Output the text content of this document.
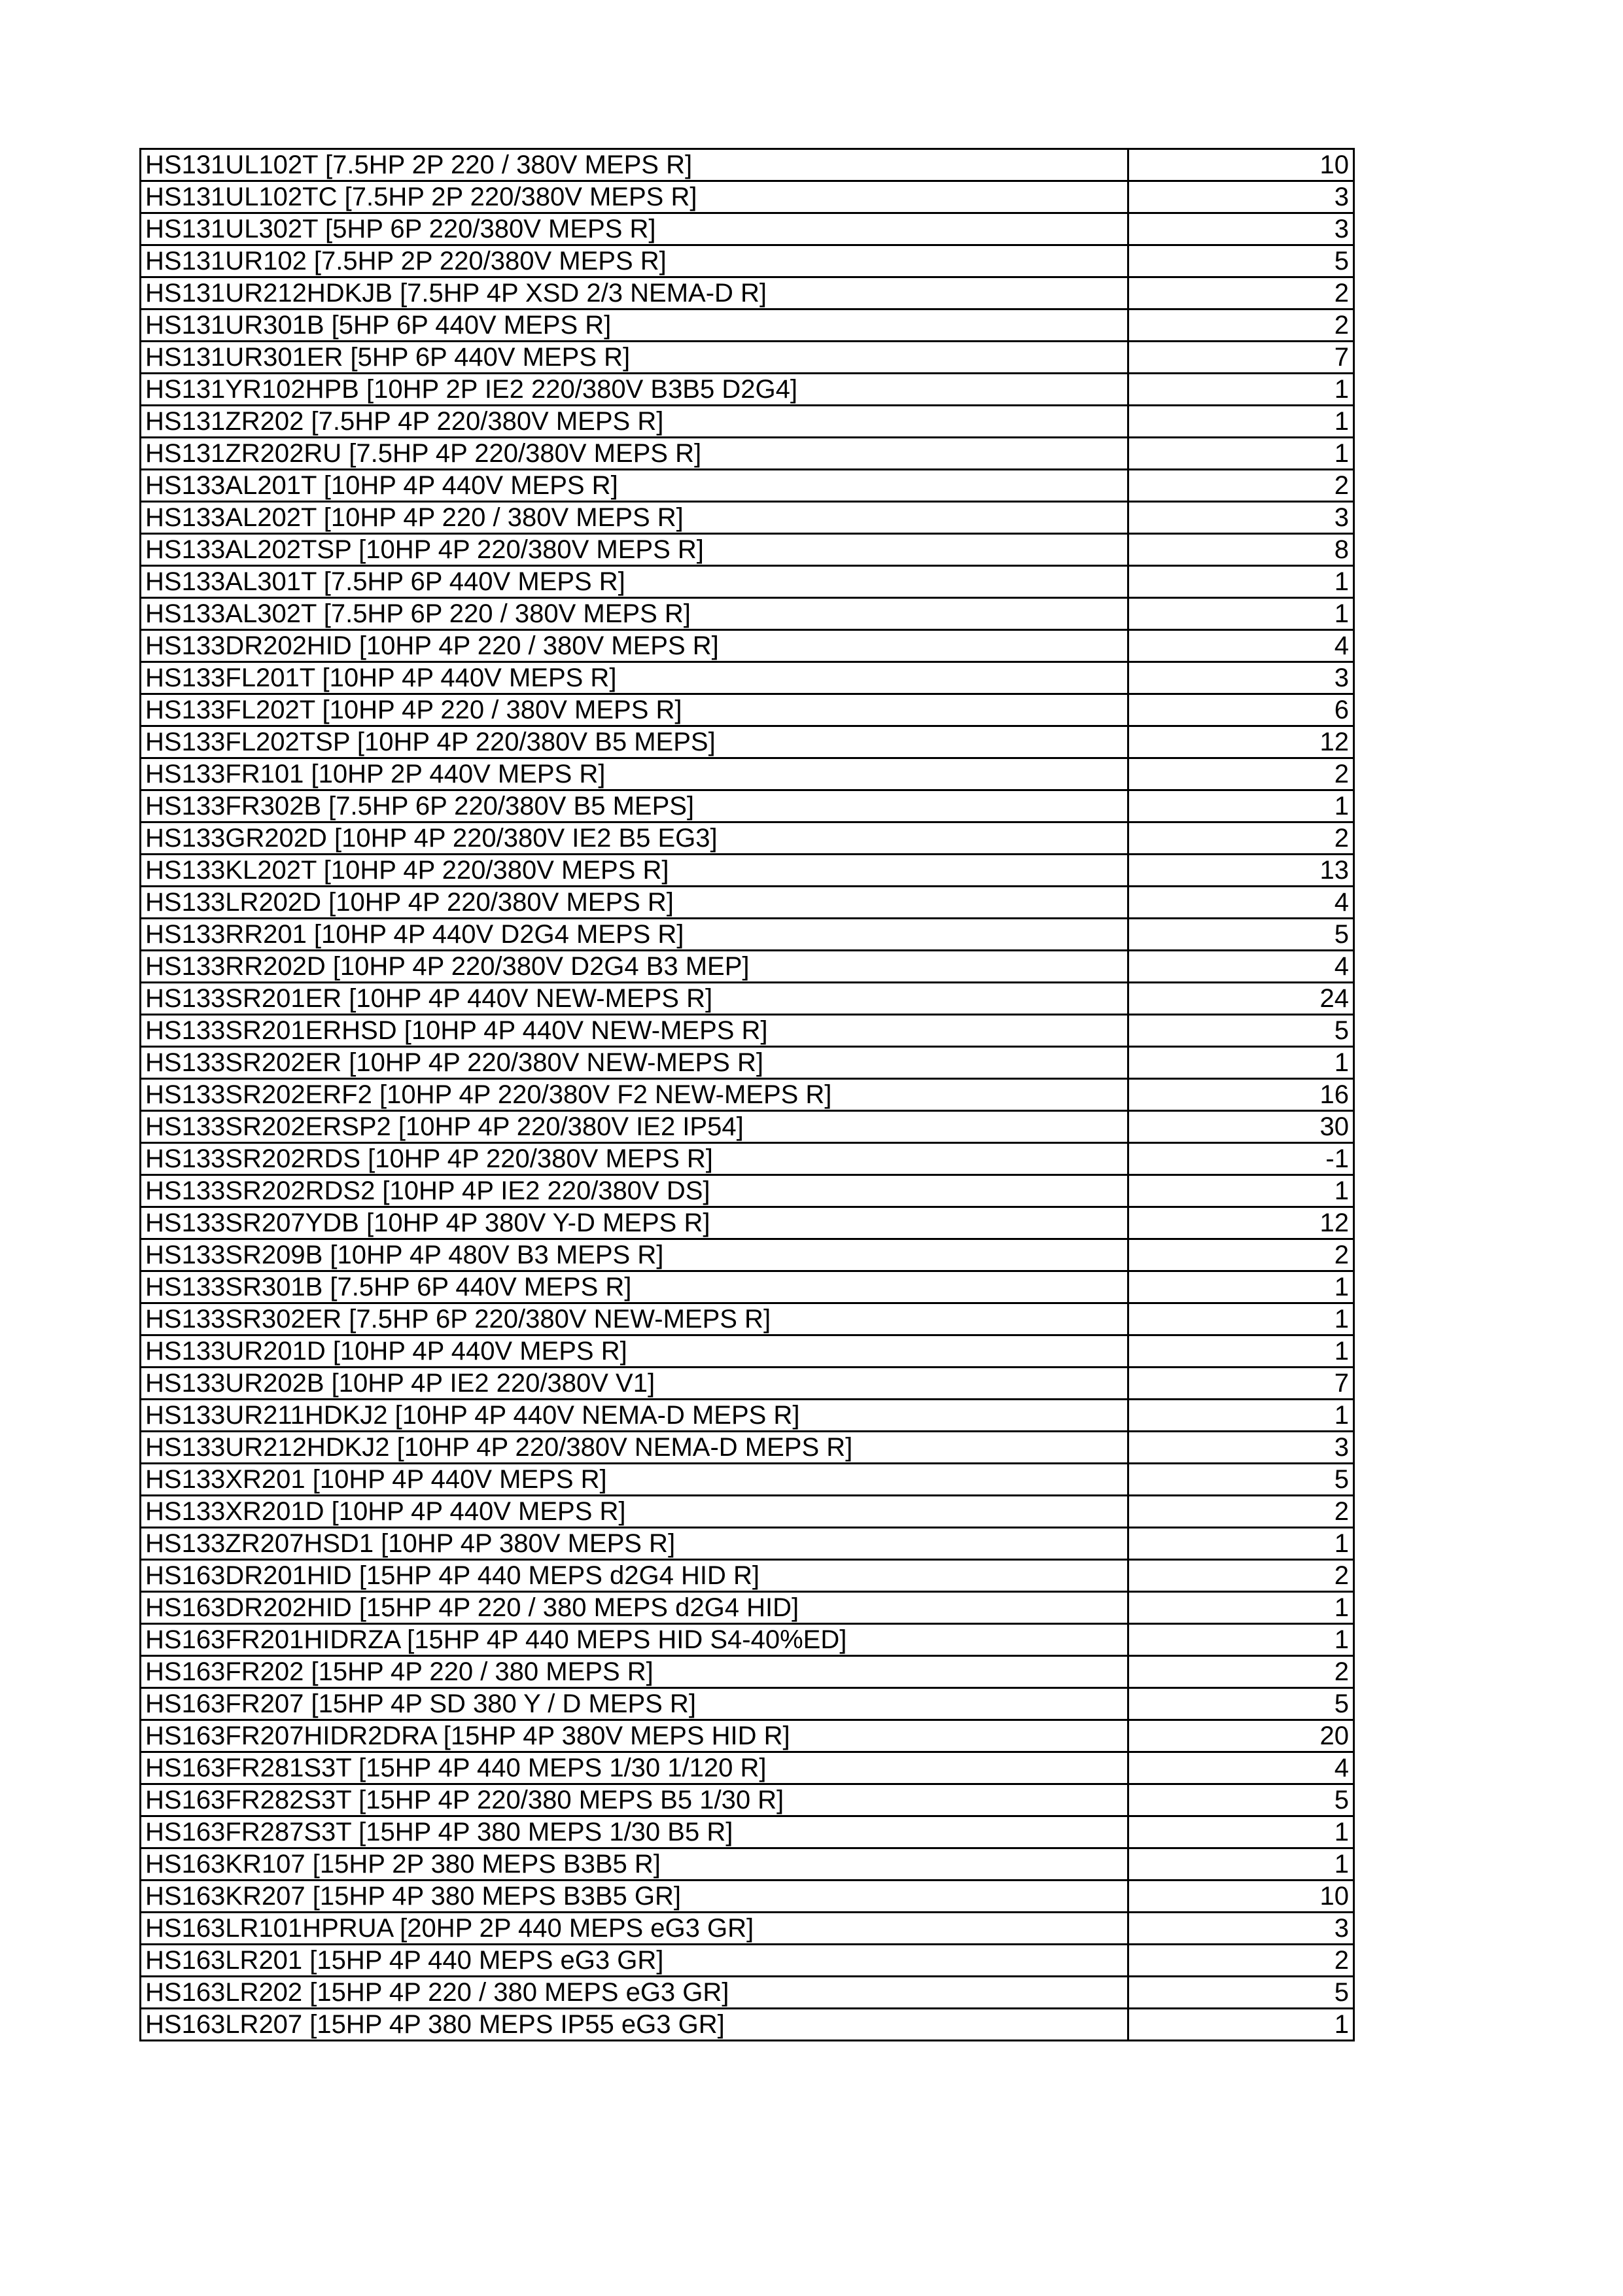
HS131UL102T [7.5HP 2P 220 / 380V MEPS R]	10
HS131UL102TC [7.5HP 2P 220/380V MEPS R]	3
HS131UL302T [5HP 6P 220/380V MEPS R]	3
HS131UR102 [7.5HP 2P 220/380V MEPS R]	5
HS131UR212HDKJB [7.5HP 4P XSD 2/3 NEMA-D R]	2
HS131UR301B [5HP 6P 440V MEPS R]	2
HS131UR301ER [5HP 6P 440V MEPS R]	7
HS131YR102HPB [10HP 2P IE2 220/380V B3B5 D2G4]	1
HS131ZR202 [7.5HP 4P 220/380V MEPS R]	1
HS131ZR202RU [7.5HP 4P 220/380V MEPS R]	1
HS133AL201T [10HP 4P 440V MEPS R]	2
HS133AL202T [10HP 4P 220 / 380V MEPS R]	3
HS133AL202TSP [10HP 4P 220/380V MEPS R]	8
HS133AL301T [7.5HP 6P 440V MEPS R]	1
HS133AL302T [7.5HP 6P 220 / 380V MEPS R]	1
HS133DR202HID [10HP 4P 220 / 380V MEPS R]	4
HS133FL201T [10HP 4P 440V MEPS R]	3
HS133FL202T [10HP 4P 220 / 380V MEPS R]	6
HS133FL202TSP [10HP 4P 220/380V B5 MEPS]	12
HS133FR101 [10HP 2P 440V MEPS R]	2
HS133FR302B [7.5HP 6P 220/380V B5 MEPS]	1
HS133GR202D [10HP 4P 220/380V IE2 B5 EG3]	2
HS133KL202T [10HP 4P 220/380V MEPS R]	13
HS133LR202D [10HP 4P 220/380V MEPS R]	4
HS133RR201 [10HP 4P 440V D2G4 MEPS R]	5
HS133RR202D [10HP 4P 220/380V D2G4 B3 MEP]	4
HS133SR201ER [10HP 4P 440V NEW-MEPS R]	24
HS133SR201ERHSD [10HP 4P 440V NEW-MEPS R]	5
HS133SR202ER [10HP 4P 220/380V NEW-MEPS R]	1
HS133SR202ERF2 [10HP 4P 220/380V F2 NEW-MEPS R]	16
HS133SR202ERSP2 [10HP 4P 220/380V IE2 IP54]	30
HS133SR202RDS [10HP 4P 220/380V MEPS R]	-1
HS133SR202RDS2 [10HP 4P IE2 220/380V DS]	1
HS133SR207YDB [10HP 4P 380V Y-D MEPS R]	12
HS133SR209B [10HP 4P 480V B3 MEPS R]	2
HS133SR301B [7.5HP 6P 440V MEPS R]	1
HS133SR302ER [7.5HP 6P 220/380V NEW-MEPS R]	1
HS133UR201D [10HP 4P 440V MEPS R]	1
HS133UR202B [10HP 4P IE2 220/380V V1]	7
HS133UR211HDKJ2 [10HP 4P 440V NEMA-D MEPS R]	1
HS133UR212HDKJ2 [10HP 4P 220/380V NEMA-D MEPS R]	3
HS133XR201 [10HP 4P 440V MEPS R]	5
HS133XR201D [10HP 4P 440V MEPS R]	2
HS133ZR207HSD1 [10HP 4P 380V MEPS R]	1
HS163DR201HID [15HP 4P 440 MEPS d2G4 HID R]	2
HS163DR202HID [15HP 4P 220 / 380 MEPS d2G4 HID]	1
HS163FR201HIDRZA [15HP 4P 440 MEPS HID S4-40%ED]	1
HS163FR202 [15HP 4P 220 / 380 MEPS R]	2
HS163FR207 [15HP 4P SD 380 Y / D MEPS R]	5
HS163FR207HIDR2DRA [15HP 4P 380V MEPS HID R]	20
HS163FR281S3T [15HP 4P 440 MEPS 1/30 1/120 R]	4
HS163FR282S3T [15HP 4P 220/380 MEPS B5 1/30 R]	5
HS163FR287S3T [15HP 4P 380 MEPS 1/30 B5 R]	1
HS163KR107 [15HP 2P 380 MEPS B3B5 R]	1
HS163KR207 [15HP 4P 380 MEPS B3B5 GR]	10
HS163LR101HPRUA [20HP 2P 440 MEPS eG3 GR]	3
HS163LR201 [15HP 4P 440 MEPS eG3 GR]	2
HS163LR202 [15HP 4P 220 / 380 MEPS eG3 GR]	5
HS163LR207 [15HP 4P 380 MEPS IP55 eG3 GR]	1
